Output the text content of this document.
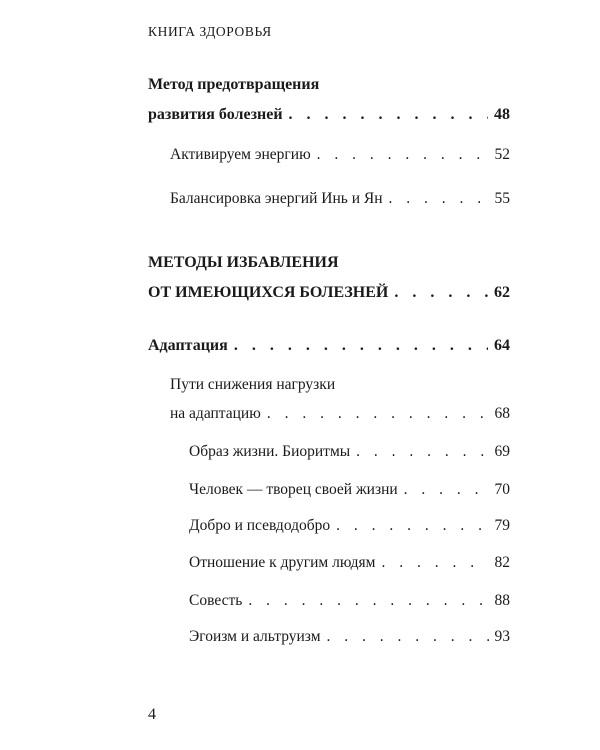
КНИГА ЗДОРОВЬЯ
Метод предотвращения
развития болезней . . .	48
Активируем энергию . . .	52
Балансировка энергий Инь и Ян . . .	55
МЕТОДЫ ИЗБАВЛЕНИЯ
ОТ ИМЕЮЩИХСЯ БОЛЕЗНЕЙ . . .	62
Адаптация . . .	64
Пути снижения нагрузки
на адаптацию . . .	68
Образ жизни. Биоритмы . . .	69
Человек — творец своей жизни . . .	70
Добро и псевдодобро . . .	79
Отношение к другим людям . . .	82
Совесть . . .	88
Эгоизм и альтруизм . . .	93
4
